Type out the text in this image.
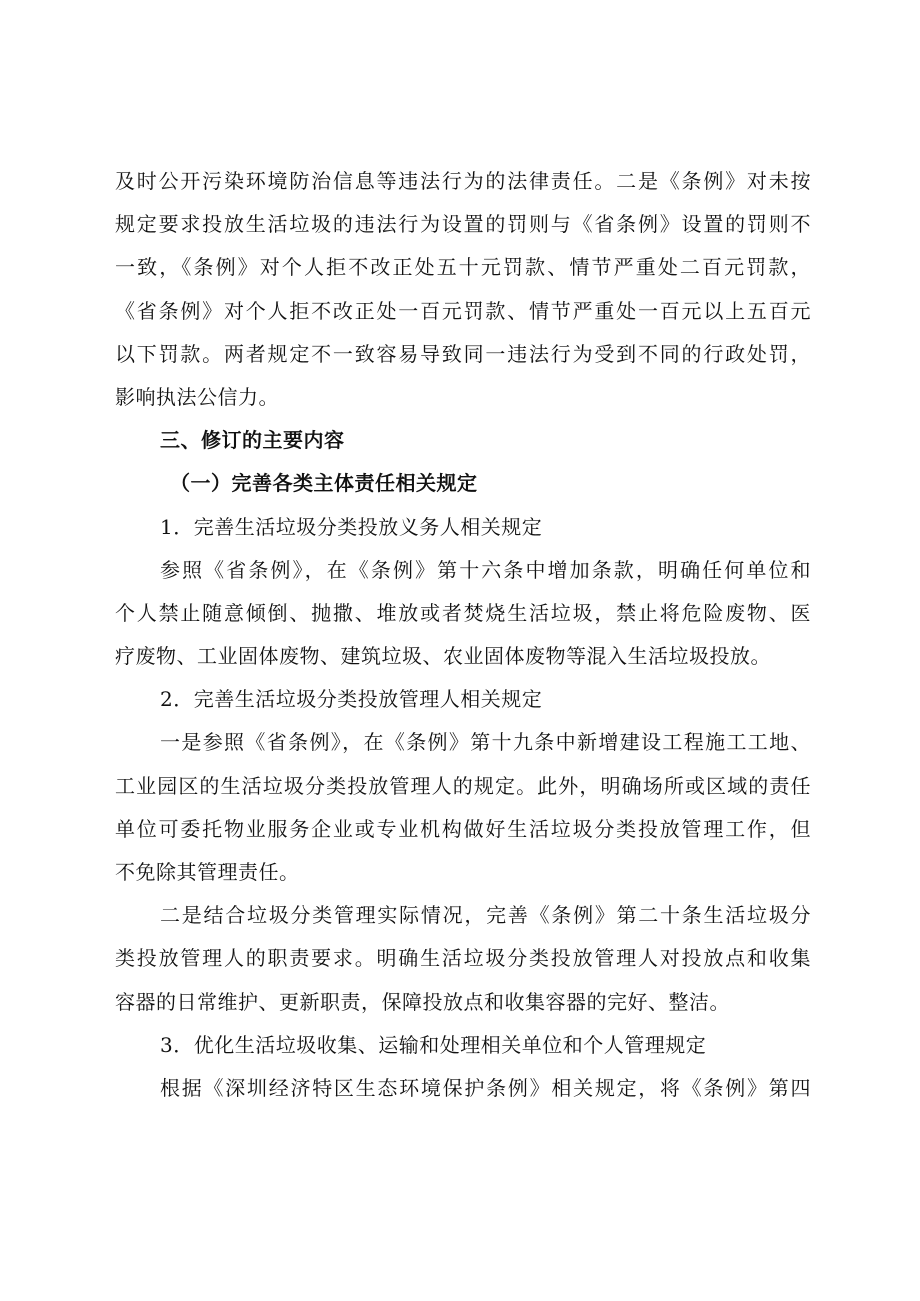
及时公开污染环境防治信息等违法行为的法律责任。二是《条例》对未按
规定要求投放生活垃圾的违法行为设置的罚则与《省条例》设置的罚则不
一致，《条例》对个人拒不改正处五十元罚款、情节严重处二百元罚款，
《省条例》对个人拒不改正处一百元罚款、情节严重处一百元以上五百元
以下罚款。两者规定不一致容易导致同一违法行为受到不同的行政处罚，
影响执法公信力。
三、修订的主要内容
（一）完善各类主体责任相关规定
1．完善生活垃圾分类投放义务人相关规定
参照《省条例》，在《条例》第十六条中增加条款，明确任何单位和
个人禁止随意倾倒、抛撒、堆放或者焚烧生活垃圾，禁止将危险废物、医
疗废物、工业固体废物、建筑垃圾、农业固体废物等混入生活垃圾投放。
2．完善生活垃圾分类投放管理人相关规定
一是参照《省条例》，在《条例》第十九条中新增建设工程施工工地、
工业园区的生活垃圾分类投放管理人的规定。此外，明确场所或区域的责任
单位可委托物业服务企业或专业机构做好生活垃圾分类投放管理工作，但
不免除其管理责任。
二是结合垃圾分类管理实际情况，完善《条例》第二十条生活垃圾分
类投放管理人的职责要求。明确生活垃圾分类投放管理人对投放点和收集
容器的日常维护、更新职责，保障投放点和收集容器的完好、整洁。
3．优化生活垃圾收集、运输和处理相关单位和个人管理规定
根据《深圳经济特区生态环境保护条例》相关规定，将《条例》第四
